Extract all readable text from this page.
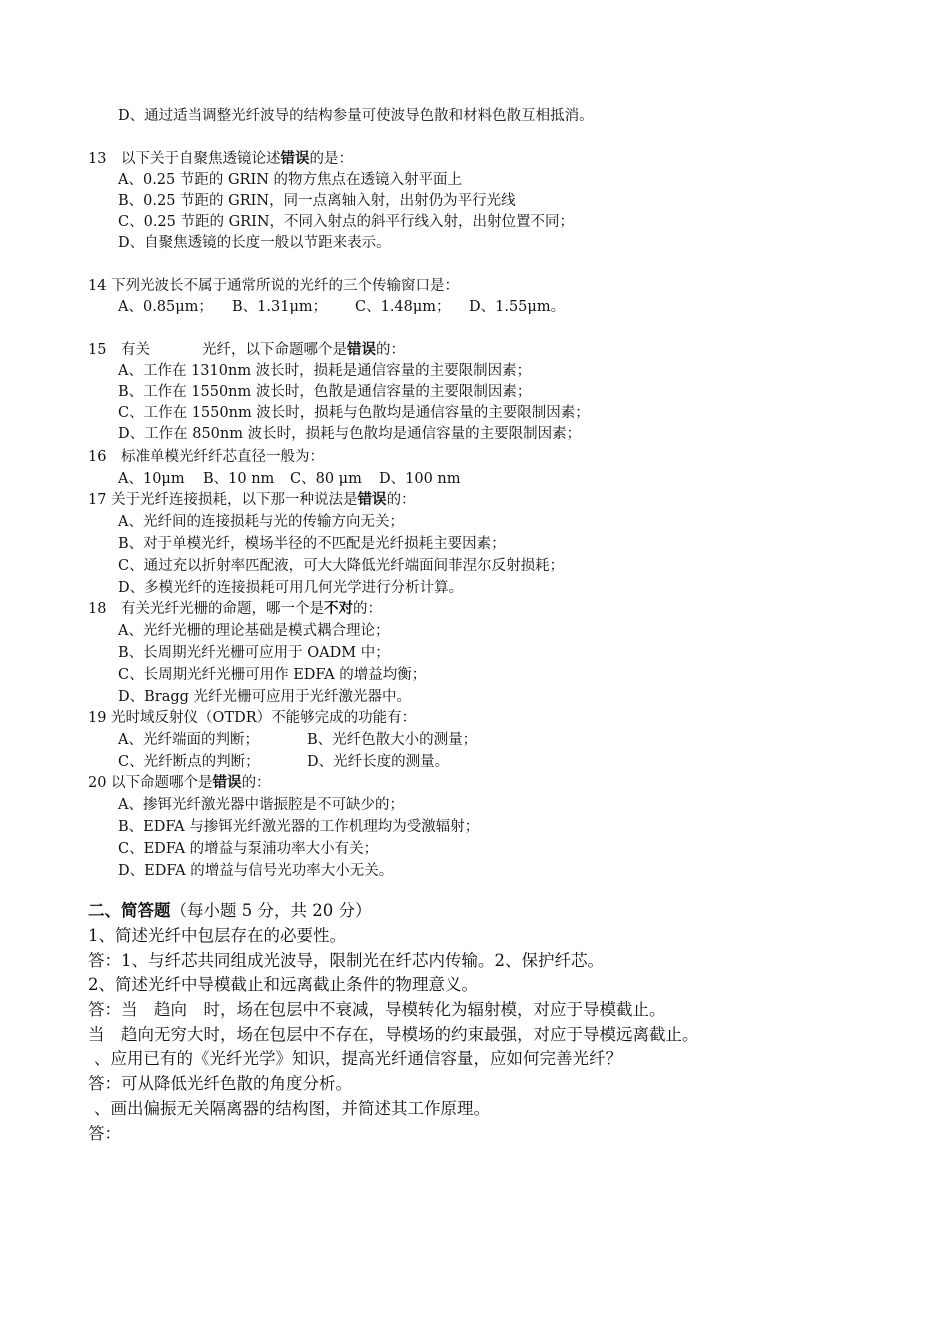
D、通过适当调整光纤波导的结构参量可使波导色散和材料色散互相抵消。
13　以下关于自聚焦透镜论述错误的是：
A、0.25 节距的 GRIN 的物方焦点在透镜入射平面上
B、0.25 节距的 GRIN，同一点离轴入射，出射仍为平行光线
C、0.25 节距的 GRIN，不同入射点的斜平行线入射，出射位置不同；
D、自聚焦透镜的长度一般以节距来表示。
14 下列光波长不属于通常所说的光纤的三个传输窗口是：
A、0.85μm； B、1.31μm； C、1.48μm； D、1.55μm。
15　有关	光纤，以下命题哪个是错误的：
A、工作在 1310nm 波长时，损耗是通信容量的主要限制因素；
B、工作在 1550nm 波长时，色散是通信容量的主要限制因素；
C、工作在 1550nm 波长时，损耗与色散均是通信容量的主要限制因素；
D、工作在 850nm 波长时，损耗与色散均是通信容量的主要限制因素；
16　标准单模光纤纤芯直径一般为：
A、10μm B、10 nm C、80 μm D、100 nm
17 关于光纤连接损耗，以下那一种说法是错误的：
A、光纤间的连接损耗与光的传输方向无关；
B、对于单模光纤，模场半径的不匹配是光纤损耗主要因素；
C、通过充以折射率匹配液，可大大降低光纤端面间菲涅尔反射损耗；
D、多模光纤的连接损耗可用几何光学进行分析计算。
18　有关光纤光栅的命题，哪一个是不对的：
A、光纤光栅的理论基础是模式耦合理论；
B、长周期光纤光栅可应用于 OADM 中；
C、长周期光纤光栅可用作 EDFA 的增益均衡；
D、Bragg 光纤光栅可应用于光纤激光器中。
19 光时域反射仪（OTDR）不能够完成的功能有：
A、光纤端面的判断；	B、光纤色散大小的测量；
C、光纤断点的判断；	D、光纤长度的测量。
20 以下命题哪个是错误的：
A、掺铒光纤激光器中谐振腔是不可缺少的；
B、EDFA 与掺铒光纤激光器的工作机理均为受激辐射；
C、EDFA 的增益与泵浦功率大小有关；
D、EDFA 的增益与信号光功率大小无关。
二、简答题（每小题 5 分，共 20 分）
1、简述光纤中包层存在的必要性。
答：1、与纤芯共同组成光波导，限制光在纤芯内传输。2、保护纤芯。
2、简述光纤中导模截止和远离截止条件的物理意义。
答：当　趋向　时，场在包层中不衰减，导模转化为辐射模，对应于导模截止。
当　趋向无穷大时，场在包层中不存在，导模场的约束最强，对应于导模远离截止。
、应用已有的《光纤光学》知识，提高光纤通信容量，应如何完善光纤？
答：可从降低光纤色散的角度分析。
、画出偏振无关隔离器的结构图，并简述其工作原理。
答：
